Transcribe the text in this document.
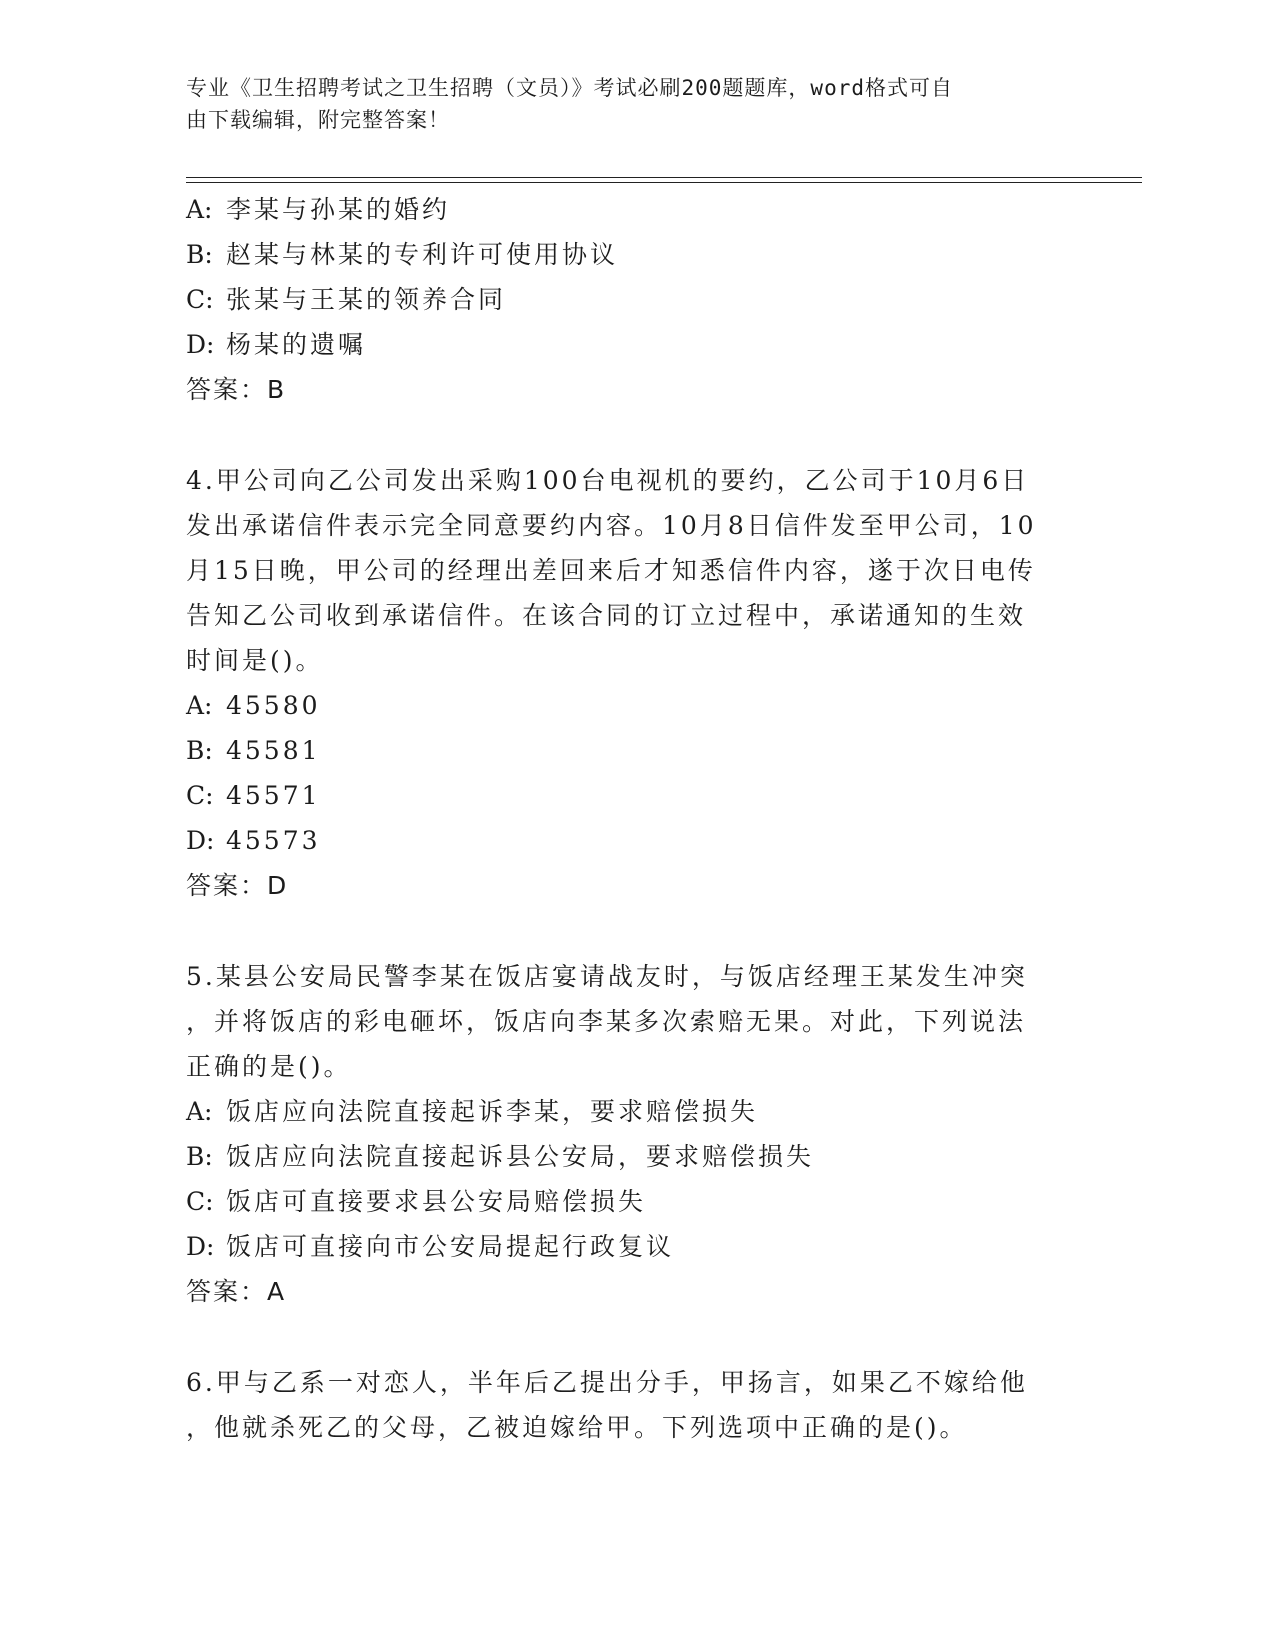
专业《卫生招聘考试之卫生招聘（文员）》考试必刷200题题库，word格式可自
由下载编辑，附完整答案！
A: 李某与孙某的婚约
B: 赵某与林某的专利许可使用协议
C: 张某与王某的领养合同
D: 杨某的遗嘱
答案：B
4.甲公司向乙公司发出采购100台电视机的要约，乙公司于10月6日
发出承诺信件表示完全同意要约内容。10月8日信件发至甲公司，10
月15日晚，甲公司的经理出差回来后才知悉信件内容，遂于次日电传
告知乙公司收到承诺信件。在该合同的订立过程中，承诺通知的生效
时间是()。
A: 45580
B: 45581
C: 45571
D: 45573
答案：D
5.某县公安局民警李某在饭店宴请战友时，与饭店经理王某发生冲突
，并将饭店的彩电砸坏，饭店向李某多次索赔无果。对此，下列说法
正确的是()。
A: 饭店应向法院直接起诉李某，要求赔偿损失
B: 饭店应向法院直接起诉县公安局，要求赔偿损失
C: 饭店可直接要求县公安局赔偿损失
D: 饭店可直接向市公安局提起行政复议
答案：A
6.甲与乙系一对恋人，半年后乙提出分手，甲扬言，如果乙不嫁给他
，他就杀死乙的父母，乙被迫嫁给甲。下列选项中正确的是()。
